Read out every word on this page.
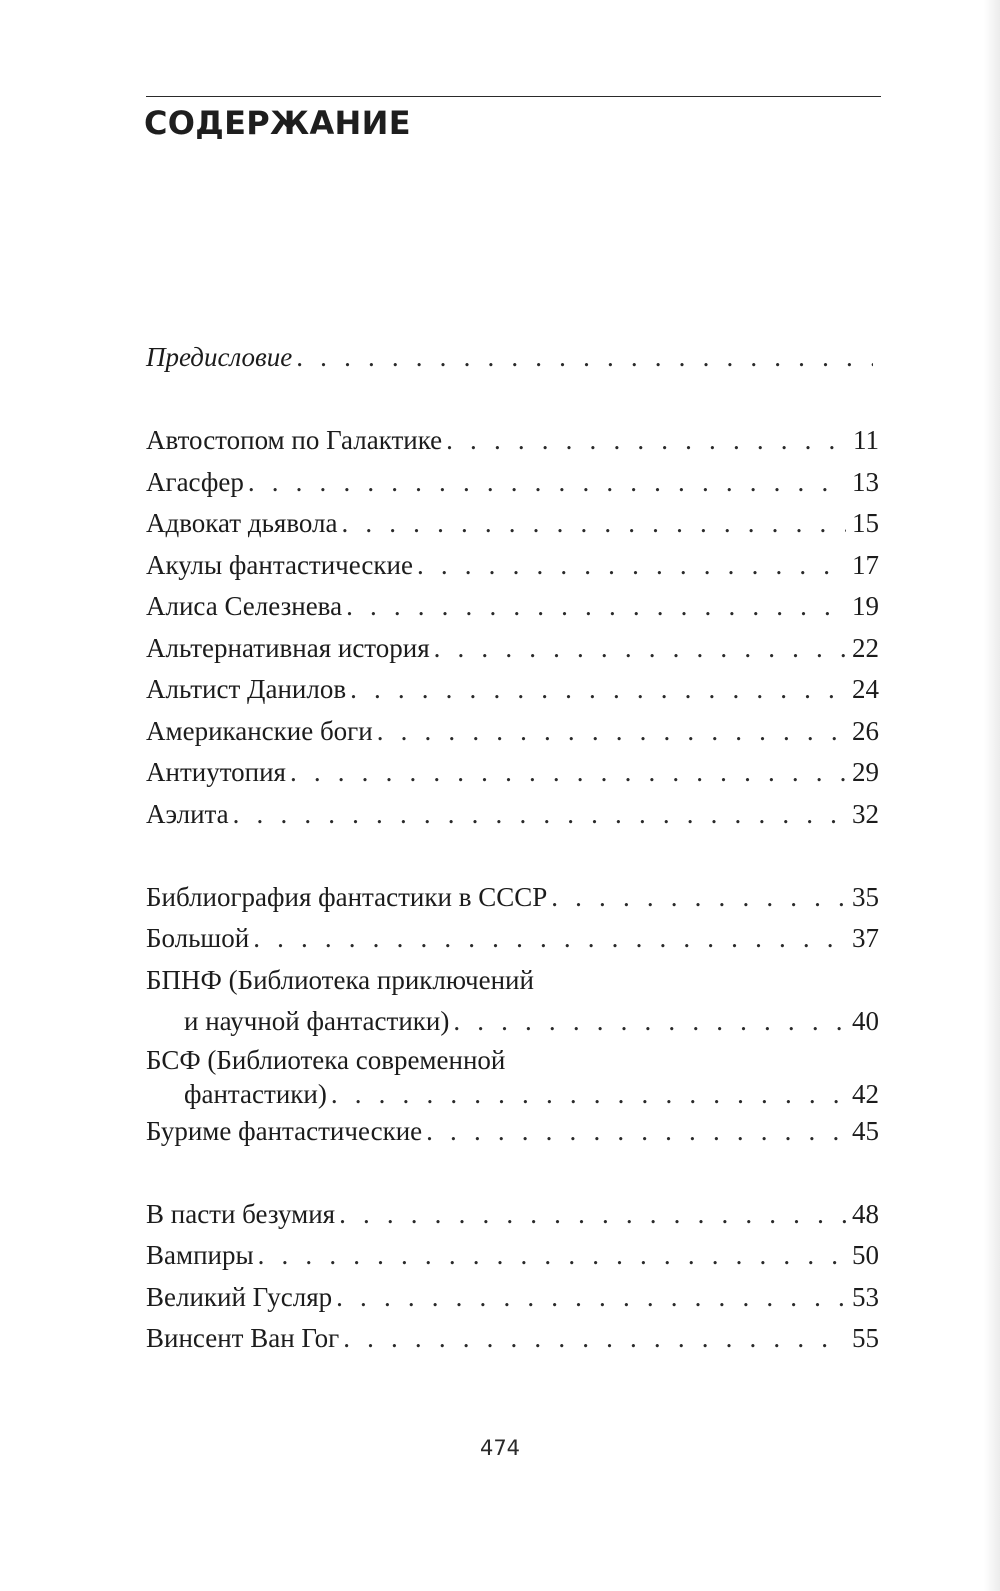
СОДЕРЖАНИЕ
Предисловие
. . .
Автостопом по Галактике . . .	11
Агасфер . . .	13
Адвокат дьявола . . .	15
Акулы фантастические . . .	17
Алиса Селезнева . . .	19
Альтернативная история . . .	22
Альтист Данилов . . .	24
Американские боги . . .	26
Антиутопия . . .	29
Аэлита . . .	32
Библиография фантастики в СССР . . .	35
Большой . . .	37
БПНФ (Библиотека приключений
и научной фантастики) . . .	40
БСФ (Библиотека современной
фантастики) . . .	42
Буриме фантастические . . .	45
В пасти безумия . . .	48
Вампиры . . .	50
Великий Гусляр . . .	53
Винсент Ван Гог . . .	55
474
